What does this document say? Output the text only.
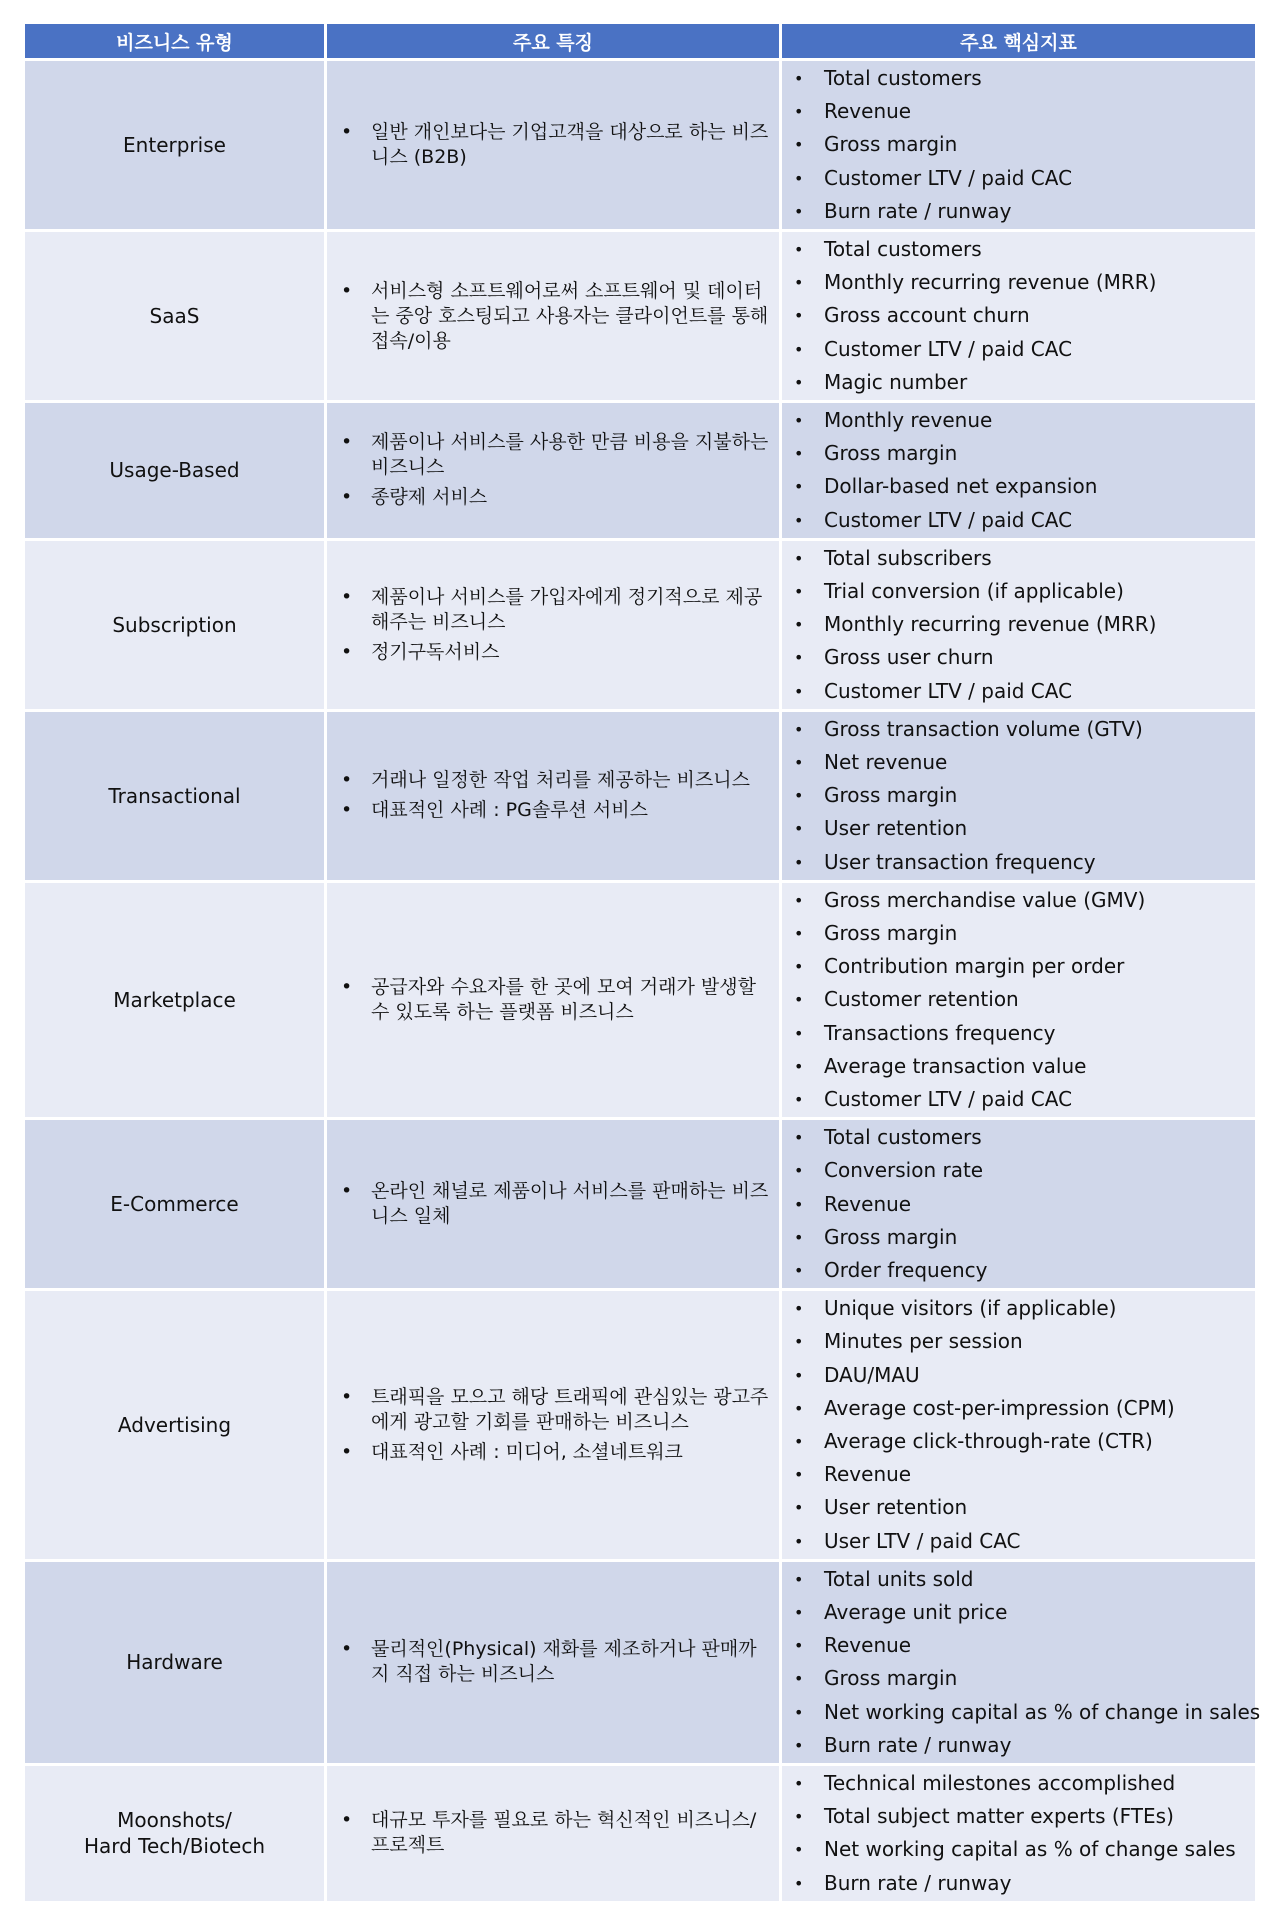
비즈니스 유형	주요 특징	주요 핵심지표
Enterprise
• 일반 개인보다는 기업고객을 대상으로 하는 비즈니스 (B2B)
• Total customers
• Revenue
• Gross margin
• Customer LTV / paid CAC
• Burn rate / runway
SaaS
• 서비스형 소프트웨어로써 소프트웨어 및 데이터는 중앙 호스팅되고 사용자는 클라이언트를 통해 접속/이용
• Total customers
• Monthly recurring revenue (MRR)
• Gross account churn
• Customer LTV / paid CAC
• Magic number
Usage-Based
• 제품이나 서비스를 사용한 만큼 비용을 지불하는 비즈니스
• 종량제 서비스
• Monthly revenue
• Gross margin
• Dollar-based net expansion
• Customer LTV / paid CAC
Subscription
• 제품이나 서비스를 가입자에게 정기적으로 제공해주는 비즈니스
• 정기구독서비스
• Total subscribers
• Trial conversion (if applicable)
• Monthly recurring revenue (MRR)
• Gross user churn
• Customer LTV / paid CAC
Transactional
• 거래나 일정한 작업 처리를 제공하는 비즈니스
• 대표적인 사례 : PG솔루션 서비스
• Gross transaction volume (GTV)
• Net revenue
• Gross margin
• User retention
• User transaction frequency
Marketplace
• 공급자와 수요자를 한 곳에 모여 거래가 발생할 수 있도록 하는 플랫폼 비즈니스
• Gross merchandise value (GMV)
• Gross margin
• Contribution margin per order
• Customer retention
• Transactions frequency
• Average transaction value
• Customer LTV / paid CAC
E-Commerce
• 온라인 채널로 제품이나 서비스를 판매하는 비즈니스 일체
• Total customers
• Conversion rate
• Revenue
• Gross margin
• Order frequency
Advertising
• 트래픽을 모으고 해당 트래픽에 관심있는 광고주에게 광고할 기회를 판매하는 비즈니스
• 대표적인 사례 : 미디어, 소셜네트워크
• Unique visitors (if applicable)
• Minutes per session
• DAU/MAU
• Average cost-per-impression (CPM)
• Average click-through-rate (CTR)
• Revenue
• User retention
• User LTV / paid CAC
Hardware
• 물리적인(Physical) 재화를 제조하거나 판매까지 직접 하는 비즈니스
• Total units sold
• Average unit price
• Revenue
• Gross margin
• Net working capital as % of change in sales
• Burn rate / runway
Moonshots/
Hard Tech/Biotech
• 대규모 투자를 필요로 하는 혁신적인 비즈니스/프로젝트
• Technical milestones accomplished
• Total subject matter experts (FTEs)
• Net working capital as % of change sales
• Burn rate / runway
